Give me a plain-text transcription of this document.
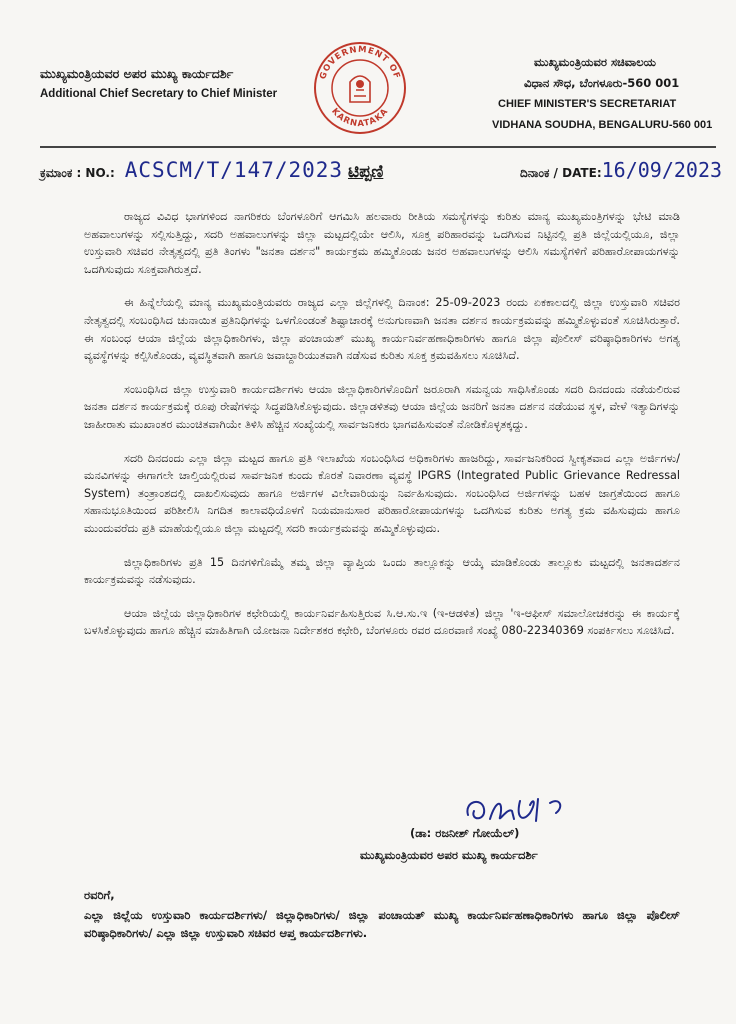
ಮುಖ್ಯಮಂತ್ರಿಯವರ ಅಪರ ಮುಖ್ಯ ಕಾರ್ಯದರ್ಶಿ
Additional Chief Secretary to Chief Minister
GOVERNMENT OF
KARNATAKA
ಮುಖ್ಯಮಂತ್ರಿಯವರ ಸಚಿವಾಲಯ
ವಿಧಾನ ಸೌಧ, ಬೆಂಗಳೂರು-560 001
CHIEF MINISTER'S SECRETARIAT
VIDHANA SOUDHA, BENGALURU-560 001
ಕ್ರಮಾಂಕ : NO.: ACSCM/T/147/2023 ಟಿಪ್ಪಣಿ	ದಿನಾಂಕ / DATE:16/09/2023

ರಾಜ್ಯದ ವಿವಿಧ ಭಾಗಗಳಿಂದ ನಾಗರಿಕರು ಬೆಂಗಳೂರಿಗೆ ಆಗಮಿಸಿ ಹಲವಾರು ರೀತಿಯ ಸಮಸ್ಯೆಗಳನ್ನು ಕುರಿತು ಮಾನ್ಯ ಮುಖ್ಯಮಂತ್ರಿಗಳನ್ನು ಭೇಟಿ ಮಾಡಿ ಅಹವಾಲುಗಳನ್ನು ಸಲ್ಲಿಸುತ್ತಿದ್ದು, ಸದರಿ ಅಹವಾಲುಗಳನ್ನು ಜಿಲ್ಲಾ ಮಟ್ಟದಲ್ಲಿಯೇ ಆಲಿಸಿ, ಸೂಕ್ತ ಪರಿಹಾರವನ್ನು ಒದಗಿಸುವ ನಿಟ್ಟಿನಲ್ಲಿ ಪ್ರತಿ ಜಿಲ್ಲೆಯಲ್ಲಿಯೂ, ಜಿಲ್ಲಾ ಉಸ್ತುವಾರಿ ಸಚಿವರ ನೇತೃತ್ವದಲ್ಲಿ ಪ್ರತಿ ತಿಂಗಳು "ಜನತಾ ದರ್ಶನ" ಕಾರ್ಯಕ್ರಮ ಹಮ್ಮಿಕೊಂಡು ಜನರ ಅಹವಾಲುಗಳನ್ನು ಆಲಿಸಿ ಸಮಸ್ಯೆಗಳಿಗೆ ಪರಿಹಾರೋಪಾಯಗಳನ್ನು ಒದಗಿಸುವುದು ಸೂಕ್ತವಾಗಿರುತ್ತದೆ.

ಈ ಹಿನ್ನೆಲೆಯಲ್ಲಿ ಮಾನ್ಯ ಮುಖ್ಯಮಂತ್ರಿಯವರು ರಾಜ್ಯದ ಎಲ್ಲಾ ಜಿಲ್ಲೆಗಳಲ್ಲಿ ದಿನಾಂಕ: 25-09-2023 ರಂದು ಏಕಕಾಲದಲ್ಲಿ ಜಿಲ್ಲಾ ಉಸ್ತುವಾರಿ ಸಚಿವರ ನೇತೃತ್ವದಲ್ಲಿ ಸಂಬಂಧಿಸಿದ ಚುನಾಯಿತ ಪ್ರತಿನಿಧಿಗಳನ್ನು ಒಳಗೊಂಡಂತೆ ಶಿಷ್ಟಾಚಾರಕ್ಕೆ ಅನುಗುಣವಾಗಿ ಜನತಾ ದರ್ಶನ ಕಾರ್ಯಕ್ರಮವನ್ನು ಹಮ್ಮಿಕೊಳ್ಳುವಂತೆ ಸೂಚಿಸಿರುತ್ತಾರೆ. ಈ ಸಂಬಂಧ ಆಯಾ ಜಿಲ್ಲೆಯ ಜಿಲ್ಲಾಧಿಕಾರಿಗಳು, ಜಿಲ್ಲಾ ಪಂಚಾಯತ್ ಮುಖ್ಯ ಕಾರ್ಯನಿರ್ವಹಣಾಧಿಕಾರಿಗಳು ಹಾಗೂ ಜಿಲ್ಲಾ ಪೊಲೀಸ್ ವರಿಷ್ಠಾಧಿಕಾರಿಗಳು ಅಗತ್ಯ ವ್ಯವಸ್ಥೆಗಳನ್ನು ಕಲ್ಪಿಸಿಕೊಂಡು, ವ್ಯವಸ್ಥಿತವಾಗಿ ಹಾಗೂ ಜವಾಬ್ದಾರಿಯುತವಾಗಿ ನಡೆಸುವ ಕುರಿತು ಸೂಕ್ತ ಕ್ರಮವಹಿಸಲು ಸೂಚಿಸಿದೆ.

ಸಂಬಂಧಿಸಿದ ಜಿಲ್ಲಾ ಉಸ್ತುವಾರಿ ಕಾರ್ಯದರ್ಶಿಗಳು ಆಯಾ ಜಿಲ್ಲಾಧಿಕಾರಿಗಳೊಂದಿಗೆ ಜರೂರಾಗಿ ಸಮನ್ವಯ ಸಾಧಿಸಿಕೊಂಡು ಸದರಿ ದಿನದಂದು ನಡೆಯಲಿರುವ ಜನತಾ ದರ್ಶನ ಕಾರ್ಯಕ್ರಮಕ್ಕೆ ರೂಪು ರೇಷೆಗಳನ್ನು ಸಿದ್ಧಪಡಿಸಿಕೊಳ್ಳುವುದು. ಜಿಲ್ಲಾಡಳಿತವು ಆಯಾ ಜಿಲ್ಲೆಯ ಜನರಿಗೆ ಜನತಾ ದರ್ಶನ ನಡೆಯುವ ಸ್ಥಳ, ವೇಳೆ ಇತ್ಯಾದಿಗಳನ್ನು ಜಾಹೀರಾತು ಮುಖಾಂತರ ಮುಂಚಿತವಾಗಿಯೇ ತಿಳಿಸಿ ಹೆಚ್ಚಿನ ಸಂಖ್ಯೆಯಲ್ಲಿ ಸಾರ್ವಜನಿಕರು ಭಾಗವಹಿಸುವಂತೆ ನೋಡಿಕೊಳ್ಳತಕ್ಕದ್ದು.

ಸದರಿ ದಿನದಂದು ಎಲ್ಲಾ ಜಿಲ್ಲಾ ಮಟ್ಟದ ಹಾಗೂ ಪ್ರತಿ ಇಲಾಖೆಯ ಸಂಬಂಧಿಸಿದ ಅಧಿಕಾರಿಗಳು ಹಾಜರಿದ್ದು, ಸಾರ್ವಜನಿಕರಿಂದ ಸ್ವೀಕೃತವಾದ ಎಲ್ಲಾ ಅರ್ಜಿಗಳು/ ಮನವಿಗಳನ್ನು ಈಗಾಗಲೇ ಚಾಲ್ತಿಯಲ್ಲಿರುವ ಸಾರ್ವಜನಿಕ ಕುಂದು ಕೊರತೆ ನಿವಾರಣಾ ವ್ಯವಸ್ಥೆ IPGRS (Integrated Public Grievance Redressal System) ತಂತ್ರಾಂಶದಲ್ಲಿ ದಾಖಲಿಸುವುದು ಹಾಗೂ ಅರ್ಜಿಗಳ ವಿಲೇವಾರಿಯನ್ನು ನಿರ್ವಹಿಸುವುದು. ಸಂಬಂಧಿಸಿದ ಅರ್ಜಿಗಳನ್ನು ಬಹಳ ಜಾಗ್ರತೆಯಿಂದ ಹಾಗೂ ಸಹಾನುಭೂತಿಯಿಂದ ಪರಿಶೀಲಿಸಿ ನಿಗದಿತ ಕಾಲಾವಧಿಯೊಳಗೆ ನಿಯಮಾನುಸಾರ ಪರಿಹಾರೋಪಾಯಗಳನ್ನು ಒದಗಿಸುವ ಕುರಿತು ಅಗತ್ಯ ಕ್ರಮ ವಹಿಸುವುದು ಹಾಗೂ ಮುಂದುವರೆದು ಪ್ರತಿ ಮಾಹೆಯಲ್ಲಿಯೂ ಜಿಲ್ಲಾ ಮಟ್ಟದಲ್ಲಿ ಸದರಿ ಕಾರ್ಯಕ್ರಮವನ್ನು ಹಮ್ಮಿಕೊಳ್ಳುವುದು.

ಜಿಲ್ಲಾಧಿಕಾರಿಗಳು ಪ್ರತಿ 15 ದಿನಗಳಿಗೊಮ್ಮೆ ತಮ್ಮ ಜಿಲ್ಲಾ ವ್ಯಾಪ್ತಿಯ ಒಂದು ತಾಲ್ಲೂಕನ್ನು ಆಯ್ಕೆ ಮಾಡಿಕೊಂಡು ತಾಲ್ಲೂಕು ಮಟ್ಟದಲ್ಲಿ ಜನತಾದರ್ಶನ ಕಾರ್ಯಕ್ರಮವನ್ನು ನಡೆಸುವುದು.

ಆಯಾ ಜಿಲ್ಲೆಯ ಜಿಲ್ಲಾಧಿಕಾರಿಗಳ ಕಛೇರಿಯಲ್ಲಿ ಕಾರ್ಯನಿರ್ವಹಿಸುತ್ತಿರುವ ಸಿ.ಆ.ಸು.ಇ (ಇ-ಆಡಳಿತ) ಜಿಲ್ಲಾ 'ಇ-ಆಫೀಸ್ ಸಮಾಲೋಚಕರನ್ನು ಈ ಕಾರ್ಯಕ್ಕೆ ಬಳಸಿಕೊಳ್ಳುವುದು ಹಾಗೂ ಹೆಚ್ಚಿನ ಮಾಹಿತಿಗಾಗಿ ಯೋಜನಾ ನಿರ್ದೇಶಕರ ಕಛೇರಿ, ಬೆಂಗಳೂರು ರವರ ದೂರವಾಣಿ ಸಂಖ್ಯೆ 080-22340369 ಸಂಪರ್ಕಿಸಲು ಸೂಚಿಸಿದೆ.

(ಡಾ: ರಜನೀಶ್ ಗೋಯೆಲ್)
ಮುಖ್ಯಮಂತ್ರಿಯವರ ಅಪರ ಮುಖ್ಯ ಕಾರ್ಯದರ್ಶಿ
ರವರಿಗೆ,
ಎಲ್ಲಾ ಜಿಲ್ಲೆಯ ಉಸ್ತುವಾರಿ ಕಾರ್ಯದರ್ಶಿಗಳು/ ಜಿಲ್ಲಾಧಿಕಾರಿಗಳು/ ಜಿಲ್ಲಾ ಪಂಚಾಯತ್ ಮುಖ್ಯ ಕಾರ್ಯನಿರ್ವಹಣಾಧಿಕಾರಿಗಳು ಹಾಗೂ ಜಿಲ್ಲಾ ಪೊಲೀಸ್ ವರಿಷ್ಠಾಧಿಕಾರಿಗಳು/ ಎಲ್ಲಾ ಜಿಲ್ಲಾ ಉಸ್ತುವಾರಿ ಸಚಿವರ ಆಪ್ತ ಕಾರ್ಯದರ್ಶಿಗಳು.
